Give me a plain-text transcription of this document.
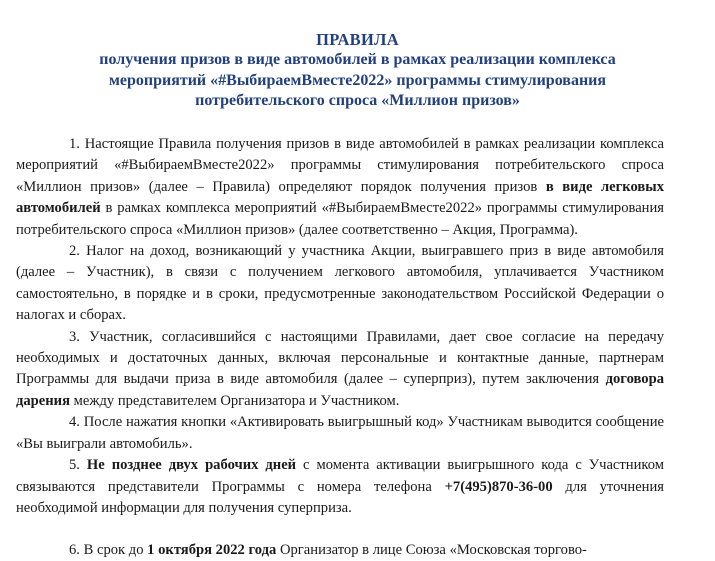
ПРАВИЛА
получения призов в виде автомобилей в рамках реализации комплекса
мероприятий «#ВыбираемВместе2022» программы стимулирования
потребительского спроса «Миллион призов»

1. Настоящие Правила получения призов в виде автомобилей в рамках реализации комплекса мероприятий «#ВыбираемВместе2022» программы стимулирования потребительского спроса «Миллион призов» (далее – Правила) определяют порядок получения призов в виде легковых автомобилей в рамках комплекса мероприятий «#ВыбираемВместе2022» программы стимулирования потребительского спроса «Миллион призов» (далее соответственно – Акция, Программа).

2. Налог на доход, возникающий у участника Акции, выигравшего приз в виде автомобиля (далее – Участник), в связи с получением легкового автомобиля, уплачивается Участником самостоятельно, в порядке и в сроки, предусмотренные законодательством Российской Федерации о налогах и сборах.

3. Участник, согласившийся с настоящими Правилами, дает свое согласие на передачу необходимых и достаточных данных, включая персональные и контактные данные, партнерам Программы для выдачи приза в виде автомобиля (далее – суперприз), путем заключения договора дарения между представителем Организатора и Участником.

4. После нажатия кнопки «Активировать выигрышный код» Участникам выводится сообщение «Вы выиграли автомобиль».

5. Не позднее двух рабочих дней с момента активации выигрышного кода с Участником связываются представители Программы с номера телефона +7(495)870-36-00 для уточнения необходимой информации для получения суперприза.

6. В срок до 1 октября 2022 года Организатор в лице Союза «Московская торгово-
